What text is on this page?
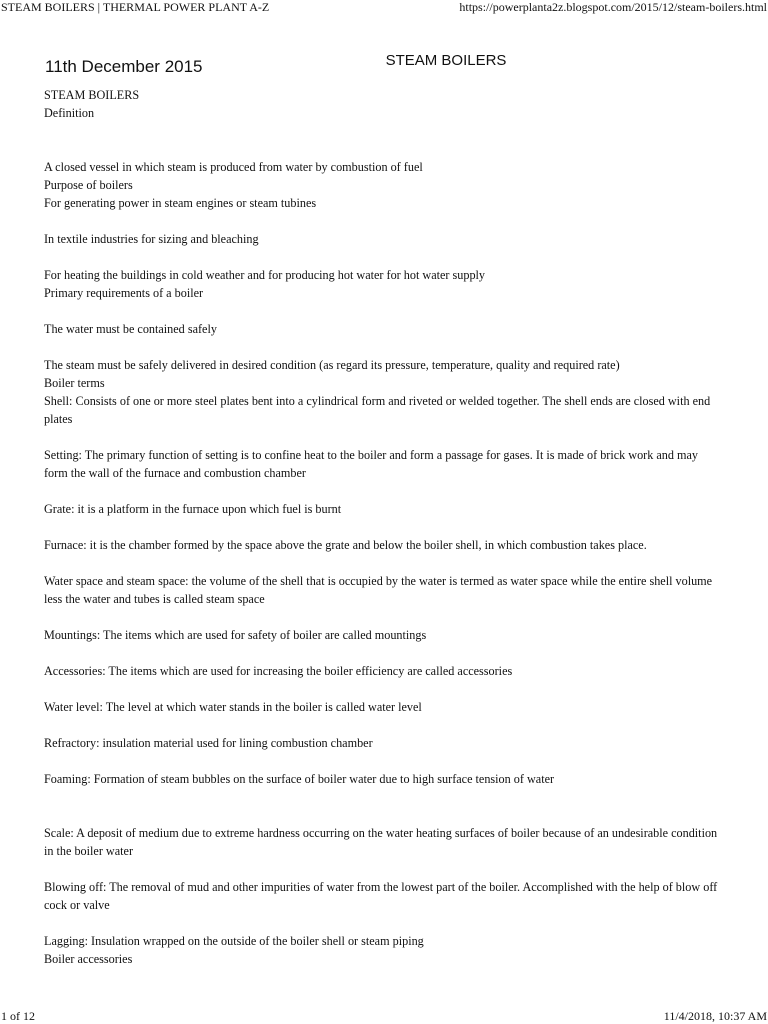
STEAM BOILERS | THERMAL POWER PLANT A-Z	https://powerplanta2z.blogspot.com/2015/12/steam-boilers.html
11th December 2015	STEAM BOILERS

STEAM BOILERS

Definition

A closed vessel in which steam is produced from water by combustion of fuel

Purpose of boilers

For generating power in steam engines or steam tubines

In textile industries for sizing and bleaching

For heating the buildings in cold weather and for producing hot water for hot water supply

Primary requirements of a boiler

The water must be contained safely

The steam must be safely delivered in desired condition (as regard its pressure, temperature, quality and required rate)

Boiler terms

Shell: Consists of one or more steel plates bent into a cylindrical form and riveted or welded together. The shell ends are closed with end plates

Setting: The primary function of setting is to confine heat to the boiler and form a passage for gases. It is made of brick work and may form the wall of the furnace and combustion chamber

Grate: it is a platform in the furnace upon which fuel is burnt

Furnace: it is the chamber formed by the space above the grate and below the boiler shell, in which combustion takes place.

Water space and steam space: the volume of the shell that is occupied by the water is termed as water space while the entire shell volume less the water and tubes is called steam space

Mountings: The items which are used for safety of boiler are called mountings

Accessories: The items which are used for increasing the boiler efficiency are called accessories

Water level: The level at which water stands in the boiler is called water level

Refractory: insulation material used for lining combustion chamber

Foaming: Formation of steam bubbles on the surface of boiler water due to high surface tension of water

Scale: A deposit of medium due to extreme hardness occurring on the water heating surfaces of boiler because of an undesirable condition in the boiler water

Blowing off: The removal of mud and other impurities of water from the lowest part of the boiler. Accomplished with the help of blow off cock or valve

Lagging: Insulation wrapped on the outside of the boiler shell or steam piping

Boiler accessories

1 of 12	11/4/2018, 10:37 AM
